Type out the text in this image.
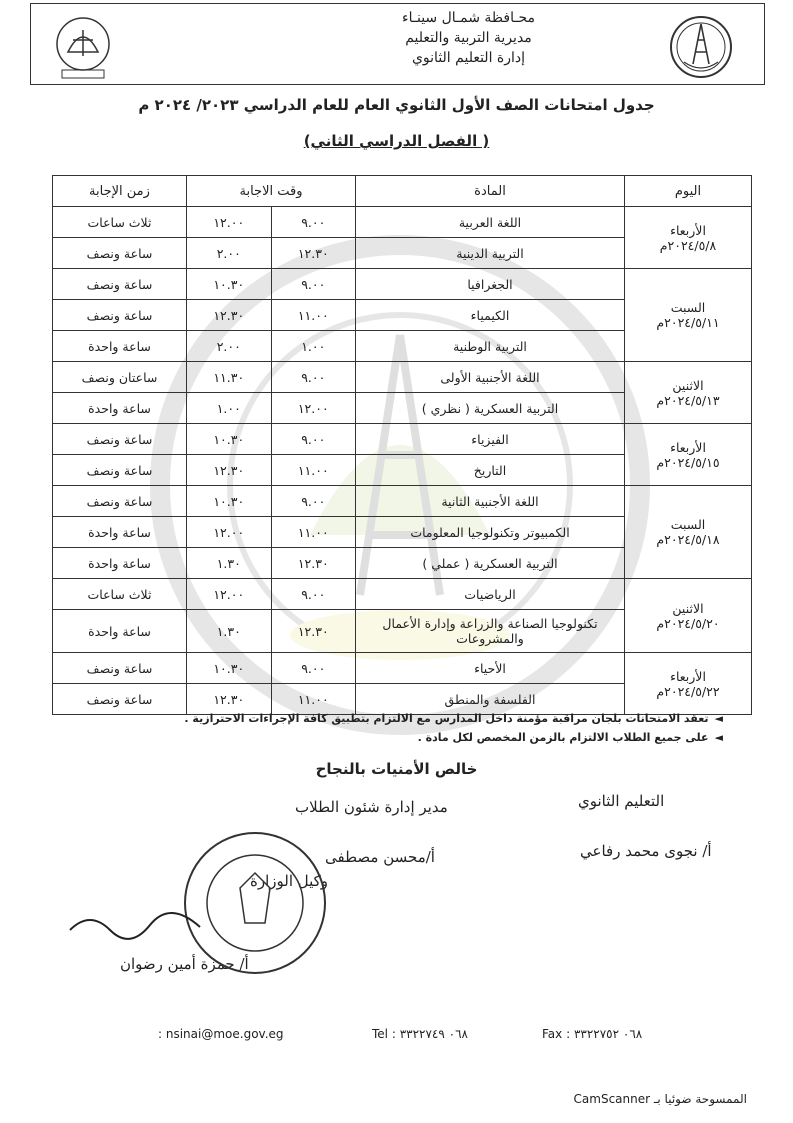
محـافظة شمـال سينـاء
مديرية التربية والتعليم
إدارة التعليم الثانوي
جدول امتحانات الصف الأول الثانوي العام للعام الدراسي ٢٠٢٣/ ٢٠٢٤ م
( الفصل الدراسي الثاني)
اليوم	المادة	وقت الاجابة		زمن الإجابة

الأربعاء
٢٠٢٤/٥/٨م	اللغة العربية	٩.٠٠	١٢.٠٠	ثلاث ساعات
	التربية الدينية	١٢.٣٠	٢.٠٠	ساعة ونصف

السبت
٢٠٢٤/٥/١١م	الجغرافيا	٩.٠٠	١٠.٣٠	ساعة ونصف
	الكيمياء	١١.٠٠	١٢.٣٠	ساعة ونصف
	التربية الوطنية	١.٠٠	٢.٠٠	ساعة واحدة

الاثنين
٢٠٢٤/٥/١٣م	اللغة الأجنبية الأولى	٩.٠٠	١١.٣٠	ساعتان ونصف
	التربية العسكرية ( نظري )	١٢.٠٠	١.٠٠	ساعة واحدة

الأربعاء
٢٠٢٤/٥/١٥م	الفيزياء	٩.٠٠	١٠.٣٠	ساعة ونصف
	التاريخ	١١.٠٠	١٢.٣٠	ساعة ونصف

السبت
٢٠٢٤/٥/١٨م	اللغة الأجنبية الثانية	٩.٠٠	١٠.٣٠	ساعة ونصف
	الكمبيوتر وتكنولوجيا المعلومات	١١.٠٠	١٢.٠٠	ساعة واحدة
	التربية العسكرية ( عملي )	١٢.٣٠	١.٣٠	ساعة واحدة

الاثنين
٢٠٢٤/٥/٢٠م	الرياضيات	٩.٠٠	١٢.٠٠	ثلاث ساعات
	تكنولوجيا الصناعة والزراعة وإدارة الأعمال والمشروعات	١٢.٣٠	١.٣٠	ساعة واحدة

الأربعاء
٢٠٢٤/٥/٢٢م	الأحياء	٩.٠٠	١٠.٣٠	ساعة ونصف
	الفلسفة والمنطق	١١.٠٠	١٢.٣٠	ساعة ونصف
◄تعقد الامتحانات بلجان مراقبة مؤمنة داخل المدارس مع الالتزام بتطبيق كافة الإجراءات الاحترازية .
◄على جميع الطلاب الالتزام بالزمن المخصص لكل مادة .
خالص الأمنيات بالنجاح
التعليم الثانوي
أ/ نجوى محمد رفاعي
مدير إدارة شئون الطلاب
أ/محسن مصطفى
وكيل الوزارة
أ/ حمزة أمين رضوان
: nsinai@moe.gov.eg	Tel : ٠٦٨ ٣٣٢٢٧٤٩	Fax : ٠٦٨ ٣٣٢٢٧٥٢
الممسوحة ضوئيا بـ CamScanner
